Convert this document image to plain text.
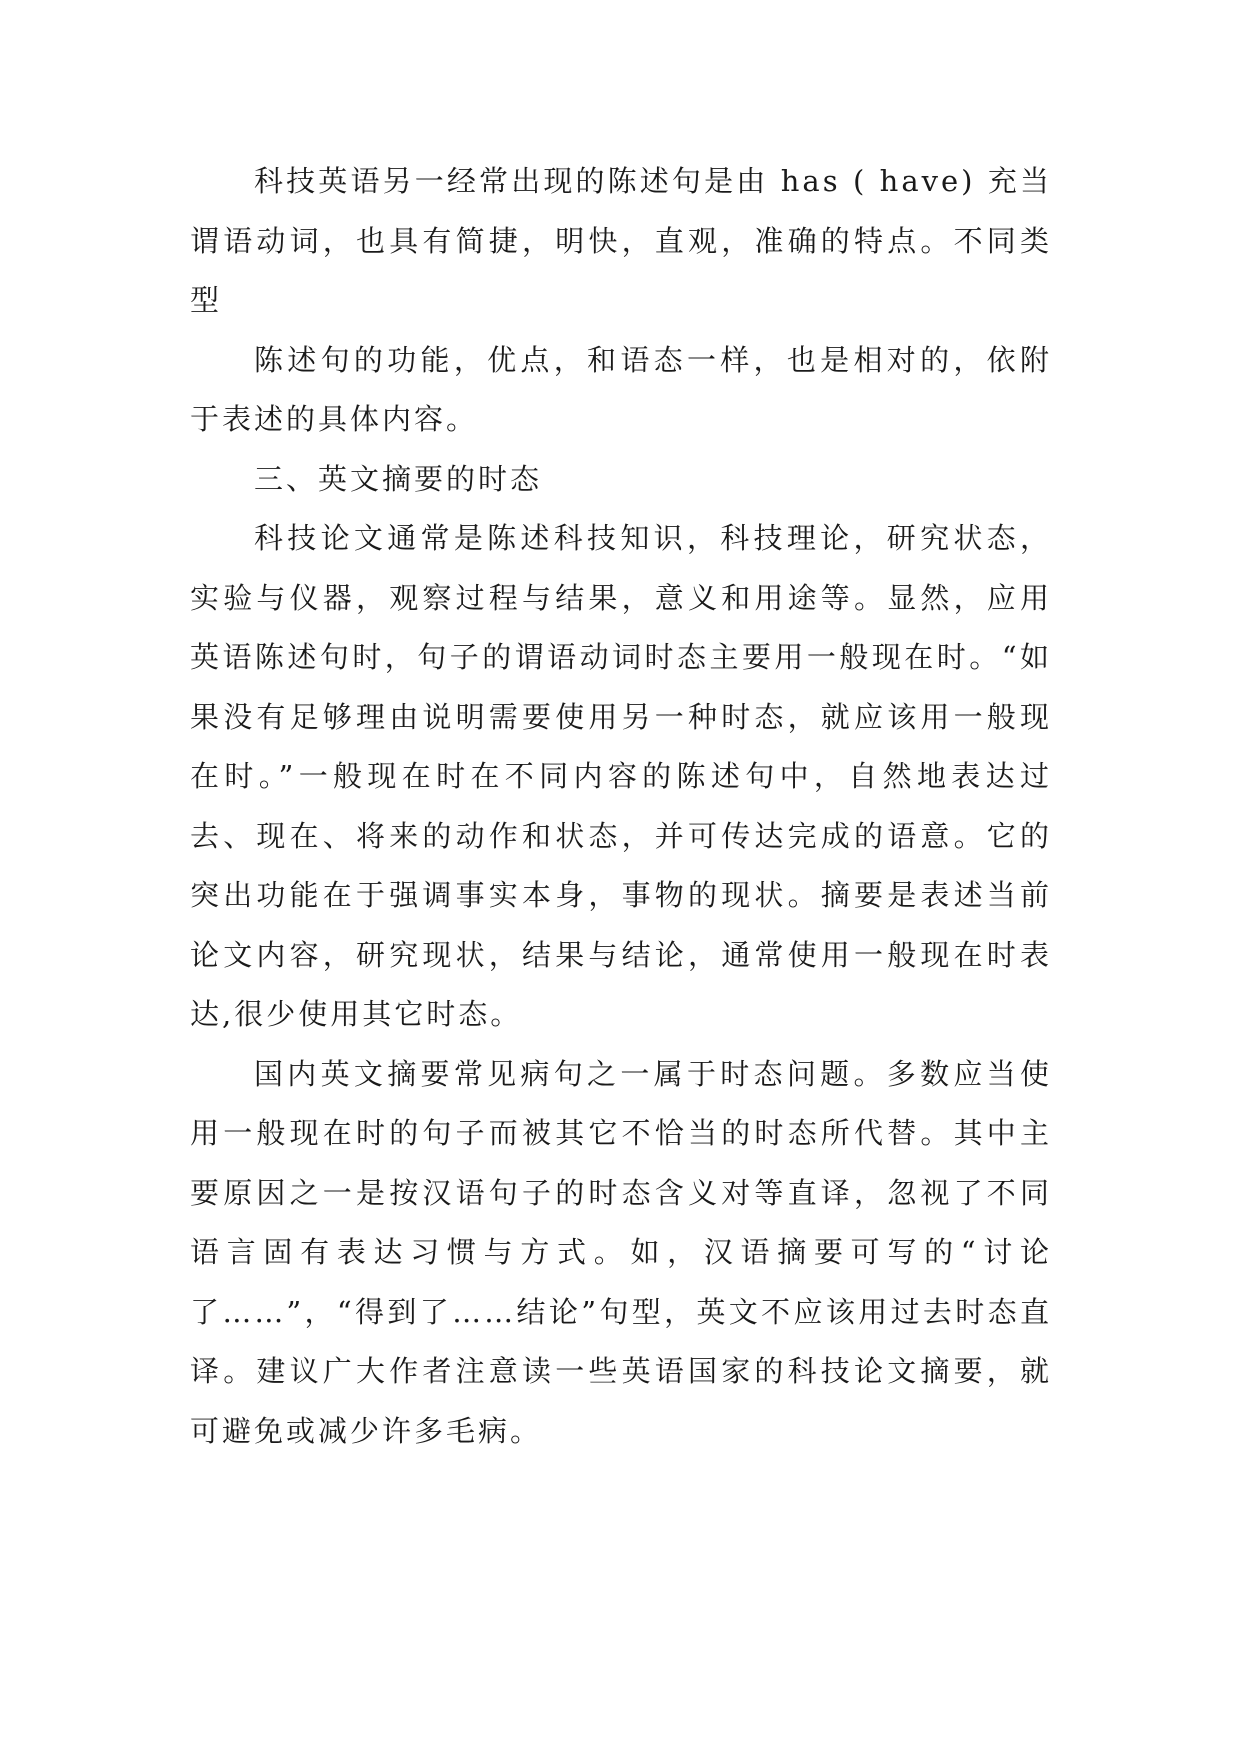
科技英语另一经常出现的陈述句是由 has ( have) 充当谓语动词，也具有简捷，明快，直观，准确的特点。不同类型

陈述句的功能，优点，和语态一样，也是相对的，依附于表述的具体内容。

三、英文摘要的时态

科技论文通常是陈述科技知识，科技理论，研究状态，实验与仪器，观察过程与结果，意义和用途等。显然，应用英语陈述句时，句子的谓语动词时态主要用一般现在时。“如果没有足够理由说明需要使用另一种时态，就应该用一般现在时。”一般现在时在不同内容的陈述句中，自然地表达过去、现在、将来的动作和状态，并可传达完成的语意。它的突出功能在于强调事实本身，事物的现状。摘要是表述当前论文内容，研究现状，结果与结论，通常使用一般现在时表达,很少使用其它时态。

国内英文摘要常见病句之一属于时态问题。多数应当使用一般现在时的句子而被其它不恰当的时态所代替。其中主要原因之一是按汉语句子的时态含义对等直译，忽视了不同语言固有表达习惯与方式。如，汉语摘要可写的“讨论了……”，“得到了……结论”句型，英文不应该用过去时态直译。建议广大作者注意读一些英语国家的科技论文摘要，就可避免或减少许多毛病。
